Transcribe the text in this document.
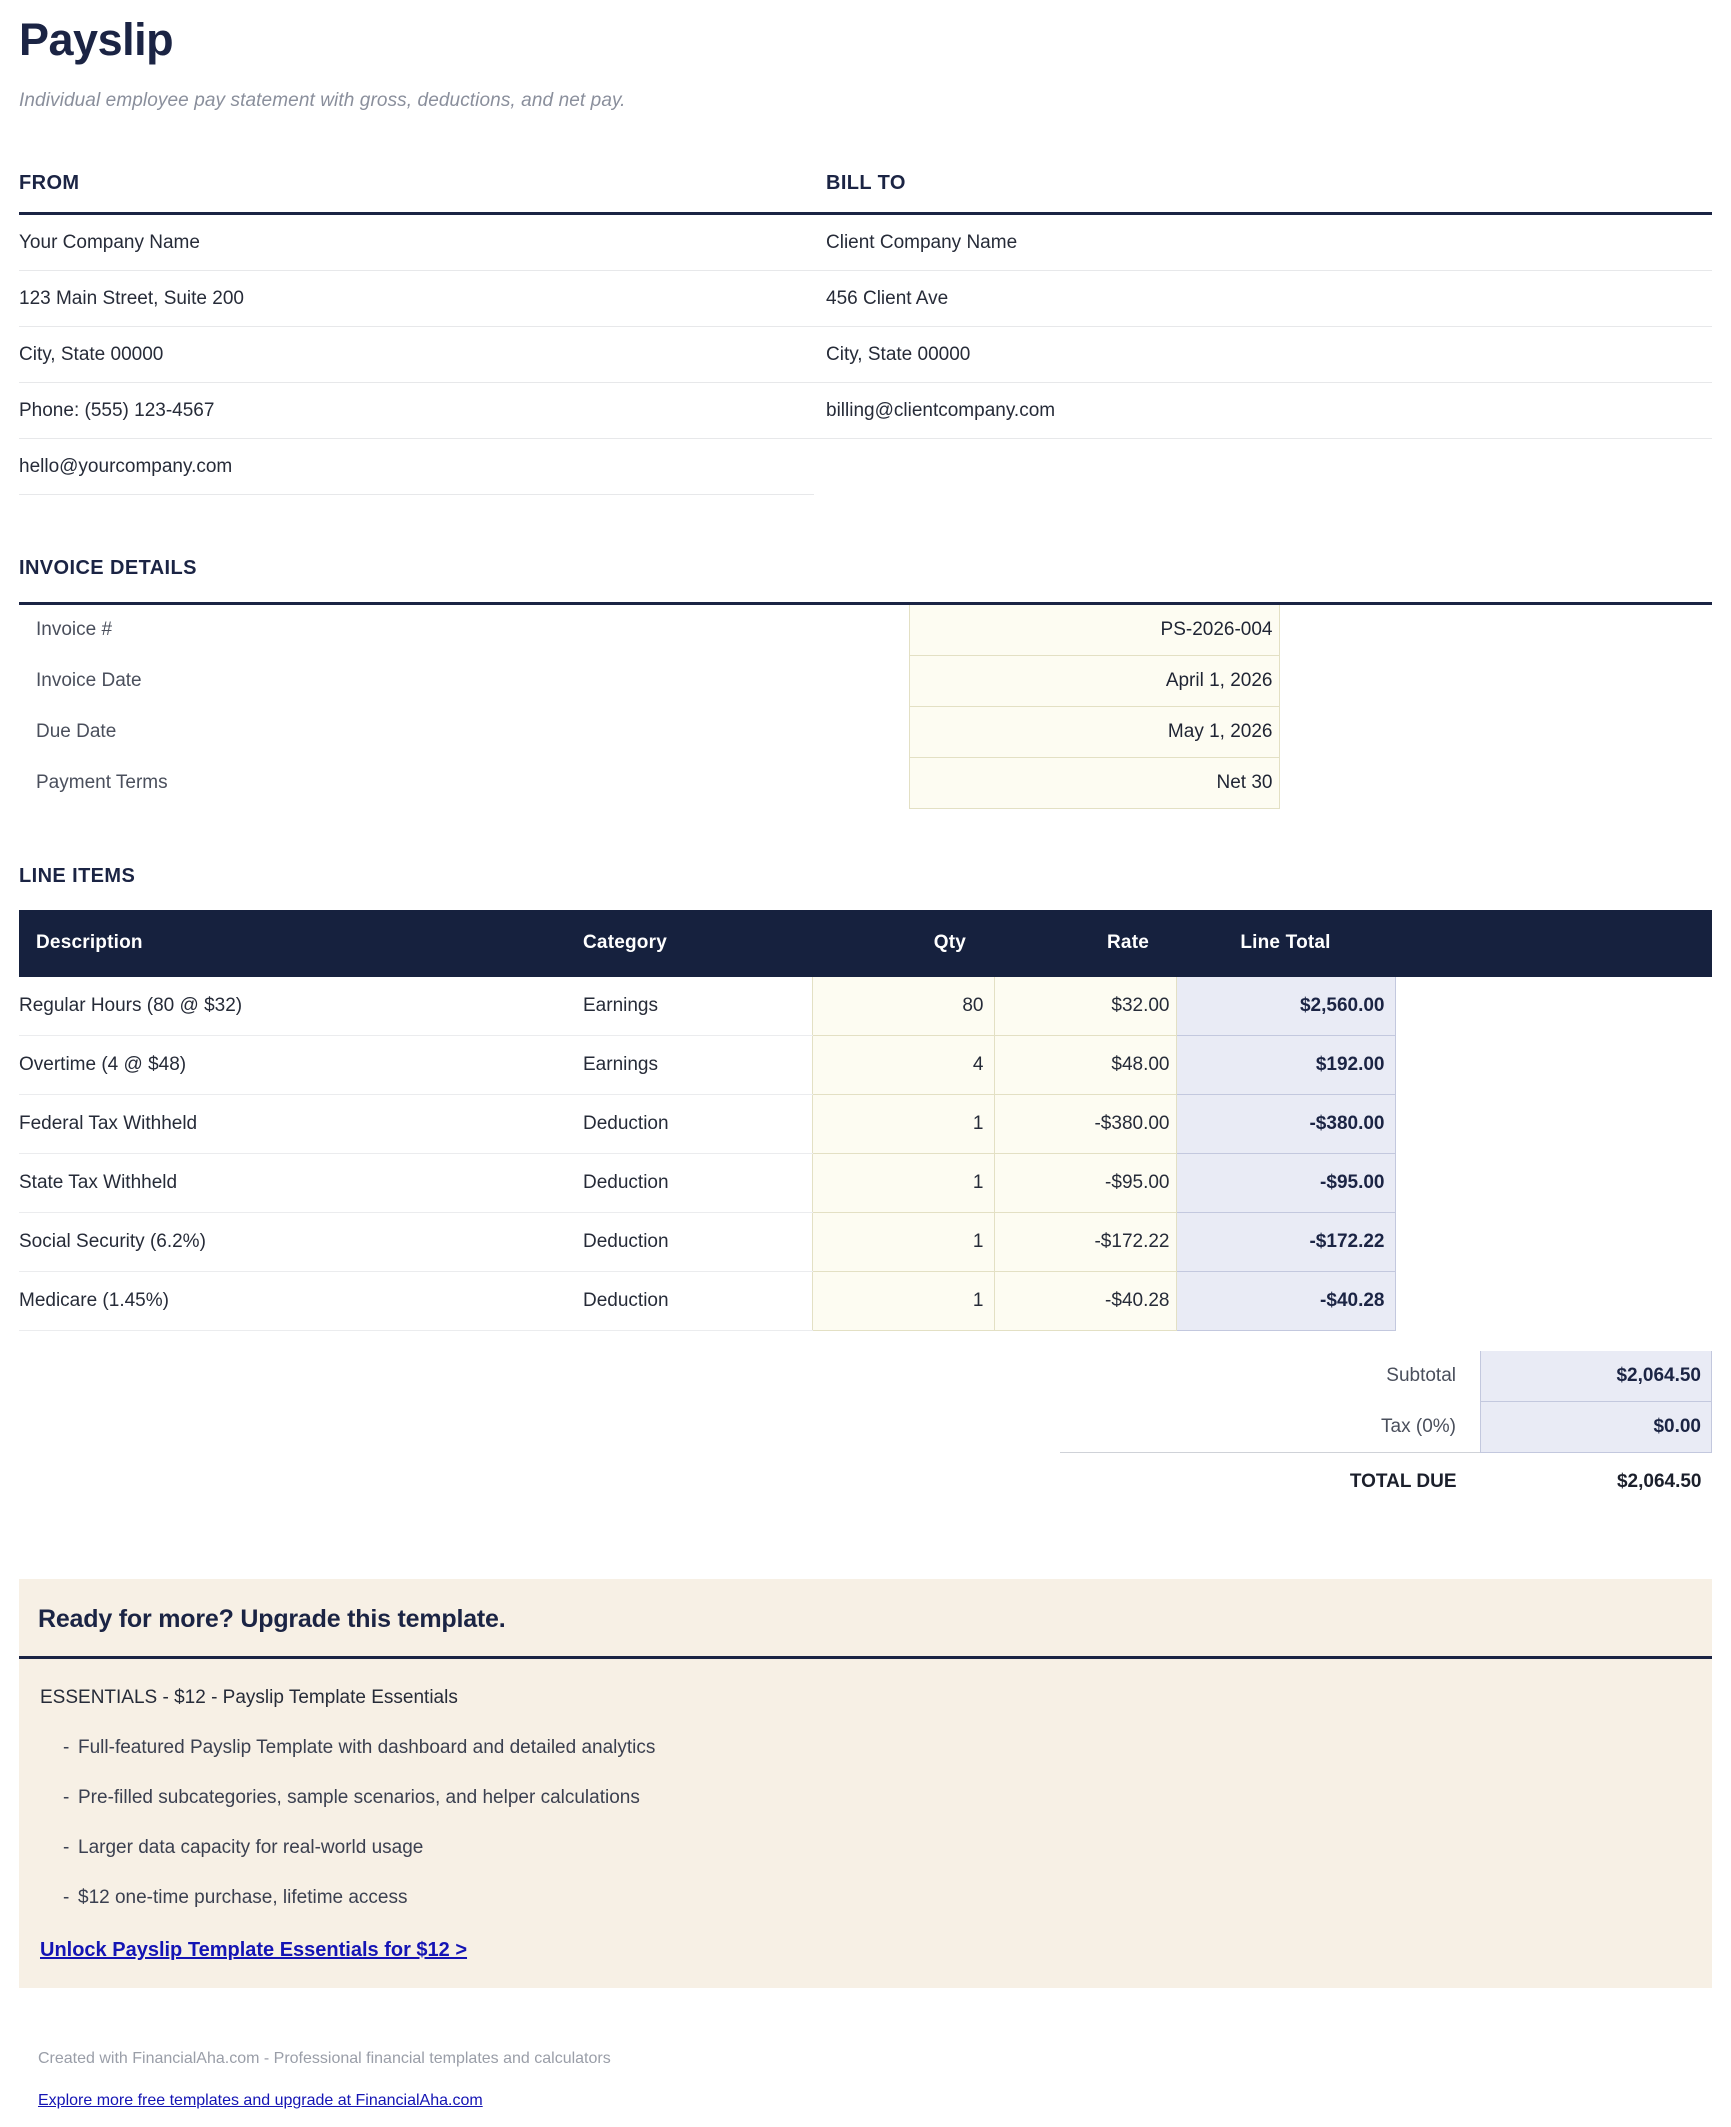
Payslip

Individual employee pay statement with gross, deductions, and net pay.

FROM	BILL TO
Your Company Name	Client Company Name
123 Main Street, Suite 200	456 Client Ave
City, State 00000	City, State 00000
Phone: (555) 123-4567	billing@clientcompany.com
hello@yourcompany.com	
INVOICE DETAILS
Invoice #	PS-2026-004	
Invoice Date	April 1, 2026	
Due Date	May 1, 2026	
Payment Terms	Net 30	
LINE ITEMS
Description	Category	Qty	Rate	Line Total	
Regular Hours (80 @ $32)	Earnings	80	$32.00	$2,560.00	
Overtime (4 @ $48)	Earnings	4	$48.00	$192.00	
Federal Tax Withheld	Deduction	1	-$380.00	-$380.00	
State Tax Withheld	Deduction	1	-$95.00	-$95.00	
Social Security (6.2%)	Deduction	1	-$172.22	-$172.22	
Medicare (1.45%)	Deduction	1	-$40.28	-$40.28	
Subtotal	$2,064.50
Tax (0%)	$0.00
TOTAL DUE	$2,064.50
Ready for more? Upgrade this template.
ESSENTIALS - $12 - Payslip Template Essentials
- Full-featured Payslip Template with dashboard and detailed analytics
- Pre-filled subcategories, sample scenarios, and helper calculations
- Larger data capacity for real-world usage
- $12 one-time purchase, lifetime access
Unlock Payslip Template Essentials for $12 >
Created with FinancialAha.com - Professional financial templates and calculators
Explore more free templates and upgrade at FinancialAha.com
